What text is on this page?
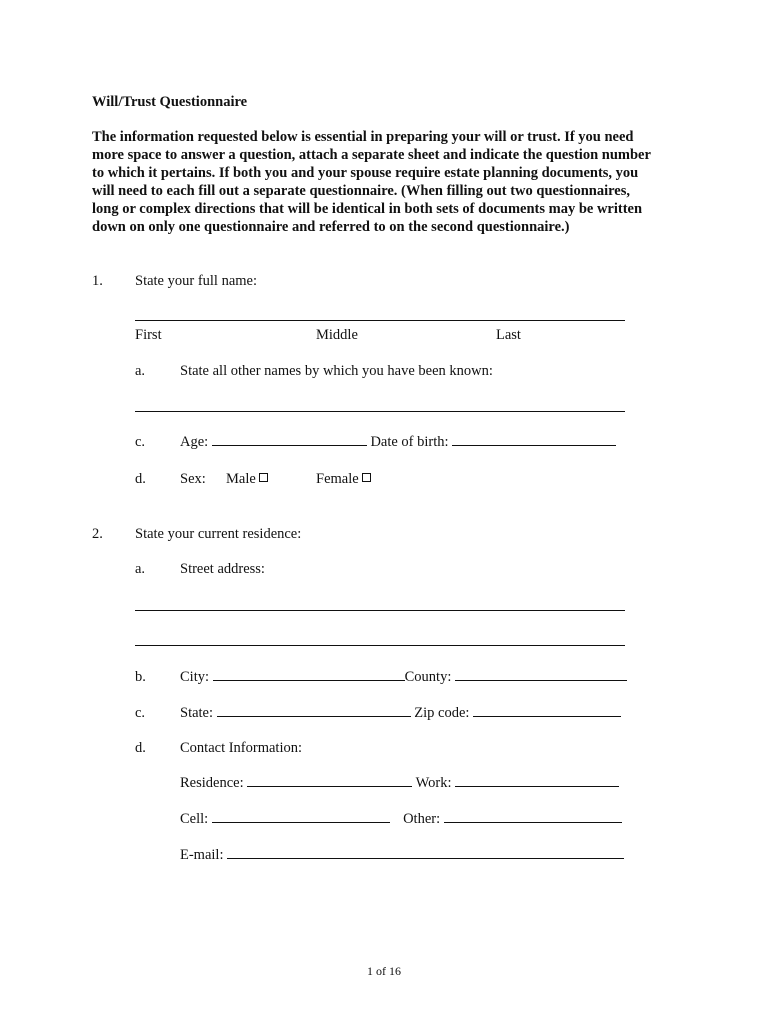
Will/Trust Questionnaire
The information requested below is essential in preparing your will or trust. If you need
more space to answer a question, attach a separate sheet and indicate the question number
to which it pertains. If both you and your spouse require estate planning documents, you
will need to each fill out a separate questionnaire. (When filling out two questionnaires,
long or complex directions that will be identical in both sets of documents may be written
down on only one questionnaire and referred to on the second questionnaire.)
1. State your full name:
First	Middle	Last
a. State all other names by which you have been known:
c. Age:	Date of birth:
d. Sex: Male	Female
2. State your current residence:
a. Street address:
b. City:	County:
c. State:	Zip code:
d. Contact Information:
Residence:	Work:
Cell:	Other:
E-mail:
1 of 16
